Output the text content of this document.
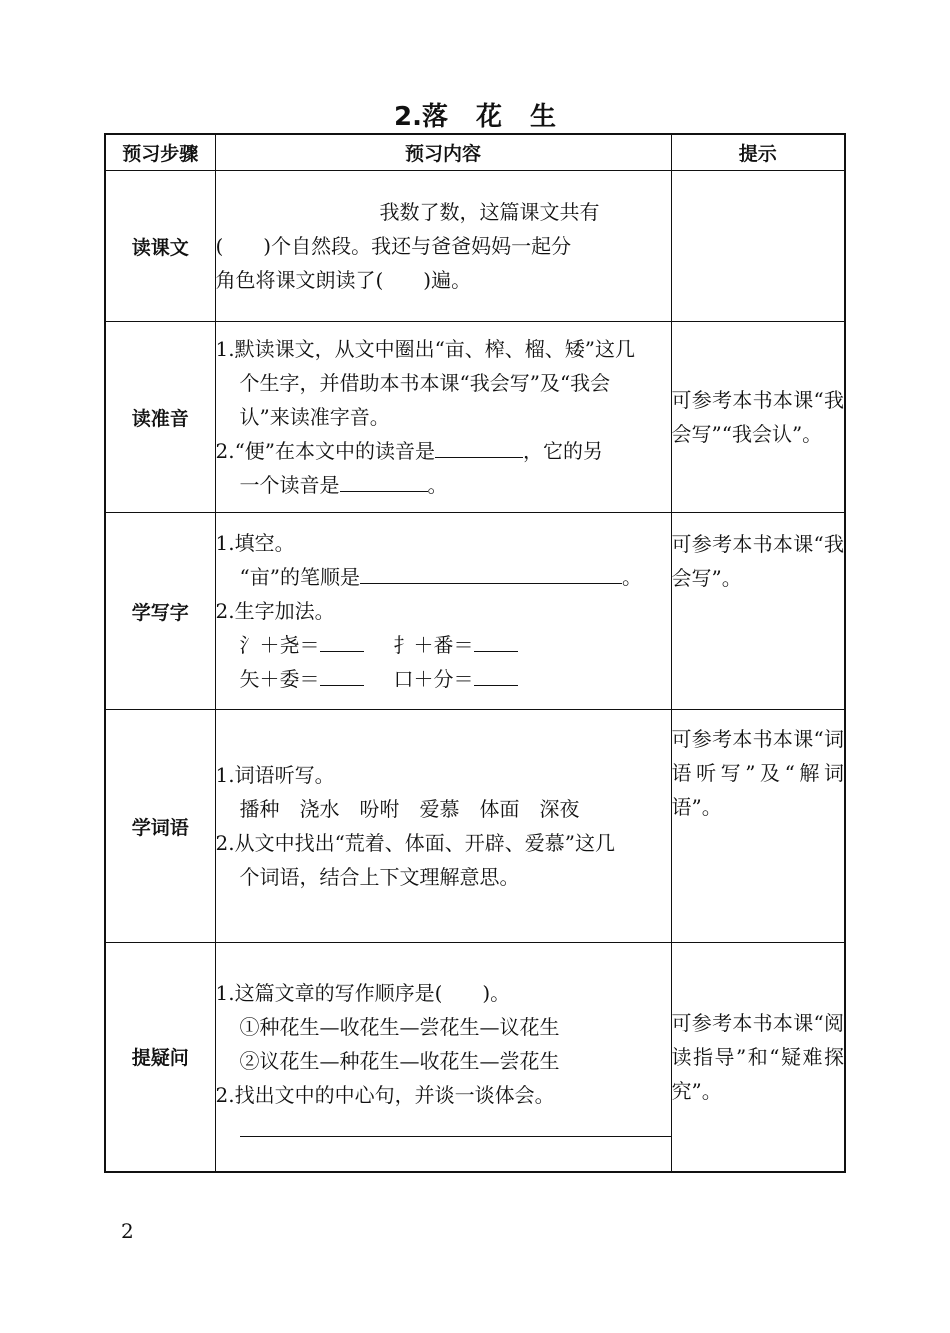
2.落 花 生
预习步骤	预习内容	提示
读课文	我数了数，这篇课文共有
(　　)个自然段。我还与爸爸妈妈一起分
角色将课文朗读了(　　)遍。	

读准音	1.默读课文，从文中圈出“亩、榨、榴、矮”这几
个生字，并借助本书本课“我会写”及“我会
认”来读准字音。
2.“便”在本文中的读音是 ，它的另
一个读音是 。	可参考本书本课“我会写”“我会认”。
学写字	1.填空。
“亩”的笔顺是 。
2.生字加法。
氵＋尧＝ 扌＋番＝
矢＋委＝ 口＋分＝	可参考本书本课“我会写”。

学词语	1.词语听写。
播种 浇水 吩咐 爱慕 体面 深夜
2.从文中找出“荒着、体面、开辟、爱慕”这几
个词语，结合上下文理解意思。	可参考本书本课“词语听写”及“解词语”。

提疑问	1.这篇文章的写作顺序是(　　)。
①种花生—收花生—尝花生—议花生
②议花生—种花生—收花生—尝花生
2.找出文中的中心句，并谈一谈体会。	可参考本书本课“阅读指导”和“疑难探究”。
2
